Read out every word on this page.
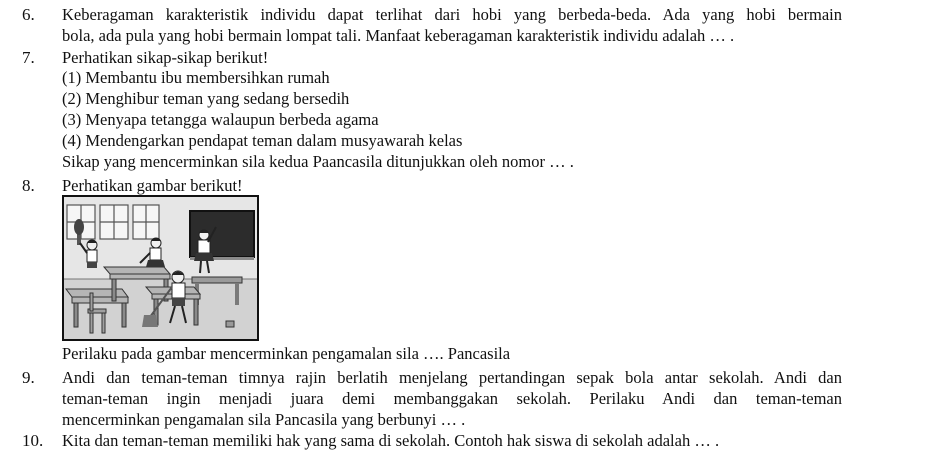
6. Keberagaman karakteristik individu dapat terlihat dari hobi yang berbeda-beda. Ada yang hobi bermain
bola, ada pula yang hobi bermain lompat tali. Manfaat keberagaman karakteristik individu adalah … .
7. Perhatikan sikap-sikap berikut!
(1) Membantu ibu membersihkan rumah
(2) Menghibur teman yang sedang bersedih
(3) Menyapa tetangga walaupun berbeda agama
(4) Mendengarkan pendapat teman dalam musyawarah kelas
Sikap yang mencerminkan sila kedua Paancasila ditunjukkan oleh nomor … .
8. Perhatikan gambar berikut!
Perilaku pada gambar mencerminkan pengamalan sila …. Pancasila
9. Andi dan teman-teman timnya rajin berlatih menjelang pertandingan sepak bola antar sekolah. Andi dan
teman-teman ingin menjadi juara demi membanggakan sekolah. Perilaku Andi dan teman-teman
mencerminkan pengamalan sila Pancasila yang berbunyi … .
10. Kita dan teman-teman memiliki hak yang sama di sekolah. Contoh hak siswa di sekolah adalah … .
